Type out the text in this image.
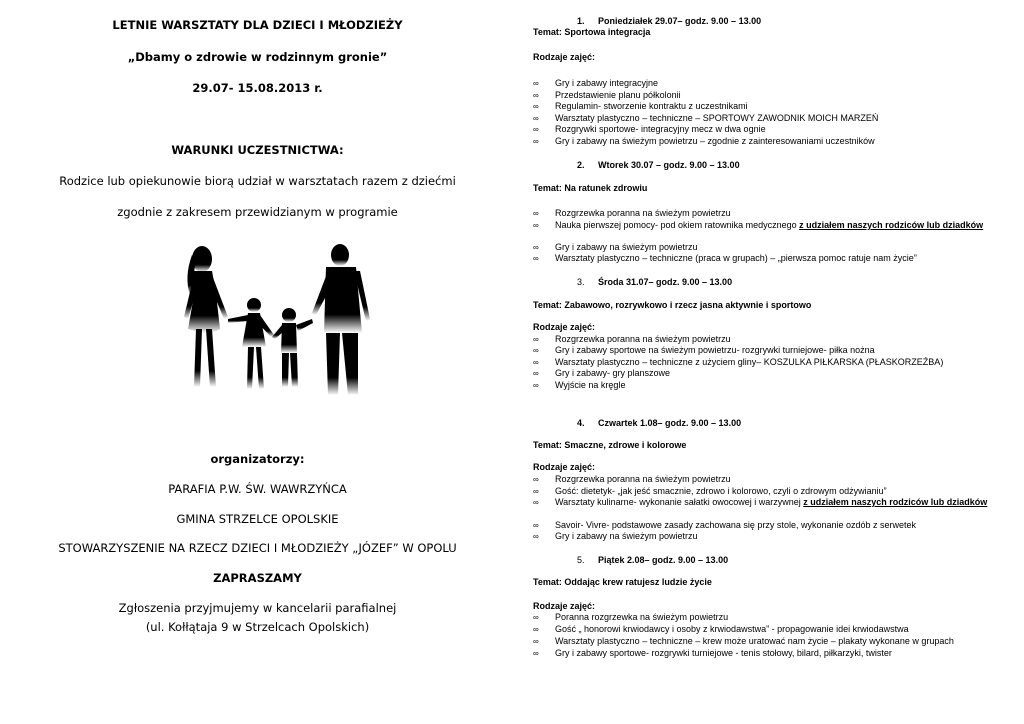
LETNIE WARSZTATY DLA DZIECI I MŁODZIEŻY

„Dbamy o zdrowie w rodzinnym gronie”

29.07- 15.08.2013 r.

WARUNKI UCZESTNICTWA:

Rodzice lub opiekunowie biorą udział w warsztatach razem z dziećmi

zgodnie z zakresem przewidzianym w programie

organizatorzy:

PARAFIA P.W. ŚW. WAWRZYŃCA

GMINA STRZELCE OPOLSKIE

STOWARZYSZENIE NA RZECZ DZIECI I MŁODZIEŻY „JÓZEF” W OPOLU

ZAPRASZAMY

Zgłoszenia przyjmujemy w kancelarii parafialnej

(ul. Kołłątaja 9 w Strzelcach Opolskich)

1. Poniedziałek 29.07– godz. 9.00 – 13.00
Temat: Sportowa integracja
Rodzaje zajęć:
∞	Gry i zabawy integracyjne
∞	Przedstawienie planu półkolonii
∞	Regulamin- stworzenie kontraktu z uczestnikami
∞	Warsztaty plastyczno – techniczne – SPORTOWY ZAWODNIK MOICH MARZEŃ
∞	Rozgrywki sportowe- integracyjny mecz w dwa ognie
∞	Gry i zabawy na świeżym powietrzu – zgodnie z zainteresowaniami uczestników
2. Wtorek 30.07 – godz. 9.00 – 13.00
Temat: Na ratunek zdrowiu
∞	Rozgrzewka poranna na świeżym powietrzu
∞	Nauka pierwszej pomocy- pod okiem ratownika medycznego z udziałem naszych rodziców lub dziadków
∞	Gry i zabawy na świeżym powietrzu
∞	Warsztaty plastyczno – techniczne (praca w grupach) – „pierwsza pomoc ratuje nam życie”
3. Środa 31.07– godz. 9.00 – 13.00
Temat: Zabawowo, rozrywkowo i rzecz jasna aktywnie i sportowo
Rodzaje zajęć:
∞	Rozgrzewka poranna na świeżym powietrzu
∞	Gry i zabawy sportowe na świeżym powietrzu- rozgrywki turniejowe- piłka nożna
∞	Warsztaty plastyczno – techniczne z użyciem gliny– KOSZULKA PIŁKARSKA (PŁASKORZEŹBA)
∞	Gry i zabawy- gry planszowe
∞	Wyjście na kręgle
4. Czwartek 1.08– godz. 9.00 – 13.00
Temat: Smaczne, zdrowe i kolorowe
Rodzaje zajęć:
∞	Rozgrzewka poranna na świeżym powietrzu
∞	Gość: dietetyk- „jak jeść smacznie, zdrowo i kolorowo, czyli o zdrowym odżywianiu”
∞	Warsztaty kulinarne- wykonanie sałatki owocowej i warzywnej z udziałem naszych rodziców lub dziadków
∞	Savoir- Vivre- podstawowe zasady zachowana się przy stole, wykonanie ozdób z serwetek
∞	Gry i zabawy na świeżym powietrzu
5. Piątek 2.08– godz. 9.00 – 13.00
Temat: Oddając krew ratujesz ludzie życie
Rodzaje zajęć:
∞	Poranna rozgrzewka na świeżym powietrzu
∞	Gość „ honorowi krwiodawcy i osoby z krwiodawstwa” - propagowanie idei krwiodawstwa
∞	Warsztaty plastyczno – techniczne – krew może uratować nam życie – plakaty wykonane w grupach
∞	Gry i zabawy sportowe- rozgrywki turniejowe - tenis stołowy, bilard, piłkarzyki, twister
